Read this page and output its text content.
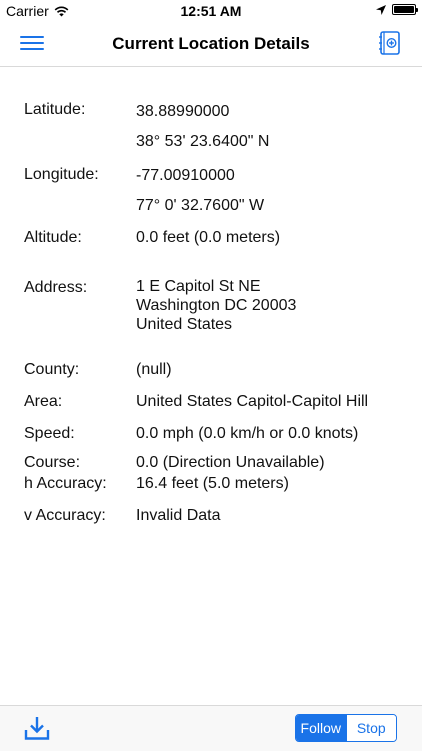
Carrier	12:51 AM
Current Location Details
Latitude:	38.88990000
38° 53' 23.6400" N
Longitude: -77.00910000
77° 0' 32.7600" W
Altitude:	0.0 feet (0.0 meters)
Address:	1 E Capitol St NE
Washington DC 20003
United States
County:	(null)
Area:	United States Capitol-Capitol Hill
Speed:	0.0 mph (0.0 km/h or 0.0 knots)
Course:	0.0 (Direction Unavailable)
h Accuracy: 16.4 feet (5.0 meters)
v Accuracy: Invalid Data
Follow	Stop
